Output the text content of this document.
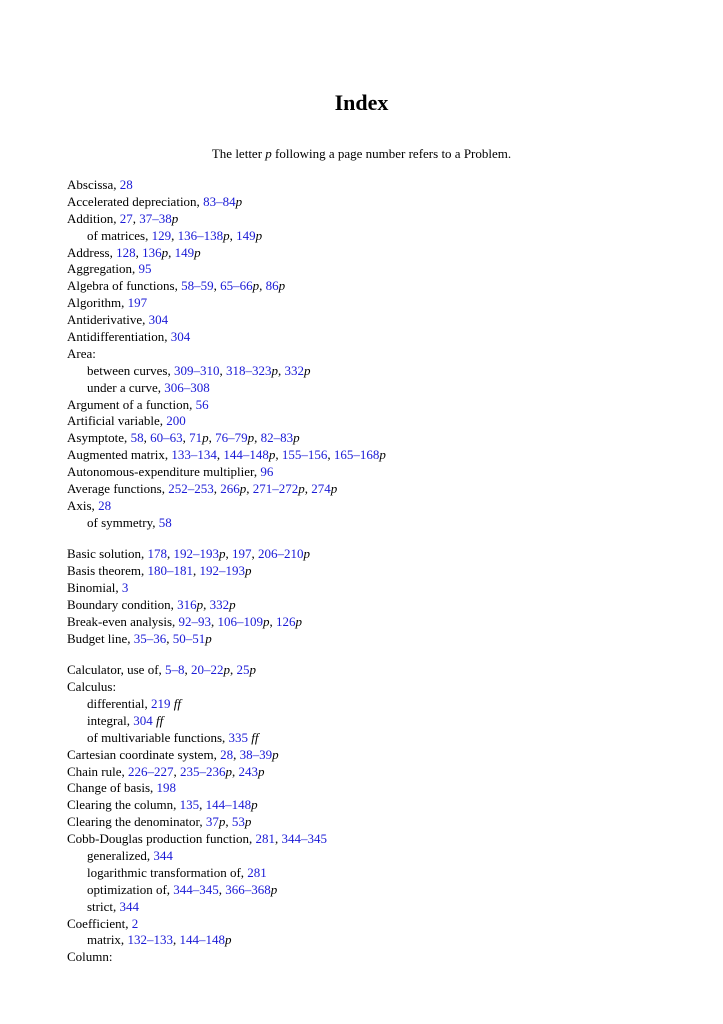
Index
The letter p following a page number refers to a Problem.
Abscissa, 28
Accelerated depreciation, 83–84p
Addition, 27, 37–38p
of matrices, 129, 136–138p, 149p
Address, 128, 136p, 149p
Aggregation, 95
Algebra of functions, 58–59, 65–66p, 86p
Algorithm, 197
Antiderivative, 304
Antidifferentiation, 304
Area:
between curves, 309–310, 318–323p, 332p
under a curve, 306–308
Argument of a function, 56
Artificial variable, 200
Asymptote, 58, 60–63, 71p, 76–79p, 82–83p
Augmented matrix, 133–134, 144–148p, 155–156, 165–168p
Autonomous-expenditure multiplier, 96
Average functions, 252–253, 266p, 271–272p, 274p
Axis, 28
of symmetry, 58
Basic solution, 178, 192–193p, 197, 206–210p
Basis theorem, 180–181, 192–193p
Binomial, 3
Boundary condition, 316p, 332p
Break-even analysis, 92–93, 106–109p, 126p
Budget line, 35–36, 50–51p
Calculator, use of, 5–8, 20–22p, 25p
Calculus:
differential, 219 ff
integral, 304 ff
of multivariable functions, 335 ff
Cartesian coordinate system, 28, 38–39p
Chain rule, 226–227, 235–236p, 243p
Change of basis, 198
Clearing the column, 135, 144–148p
Clearing the denominator, 37p, 53p
Cobb-Douglas production function, 281, 344–345
generalized, 344
logarithmic transformation of, 281
optimization of, 344–345, 366–368p
strict, 344
Coefficient, 2
matrix, 132–133, 144–148p
Column:
